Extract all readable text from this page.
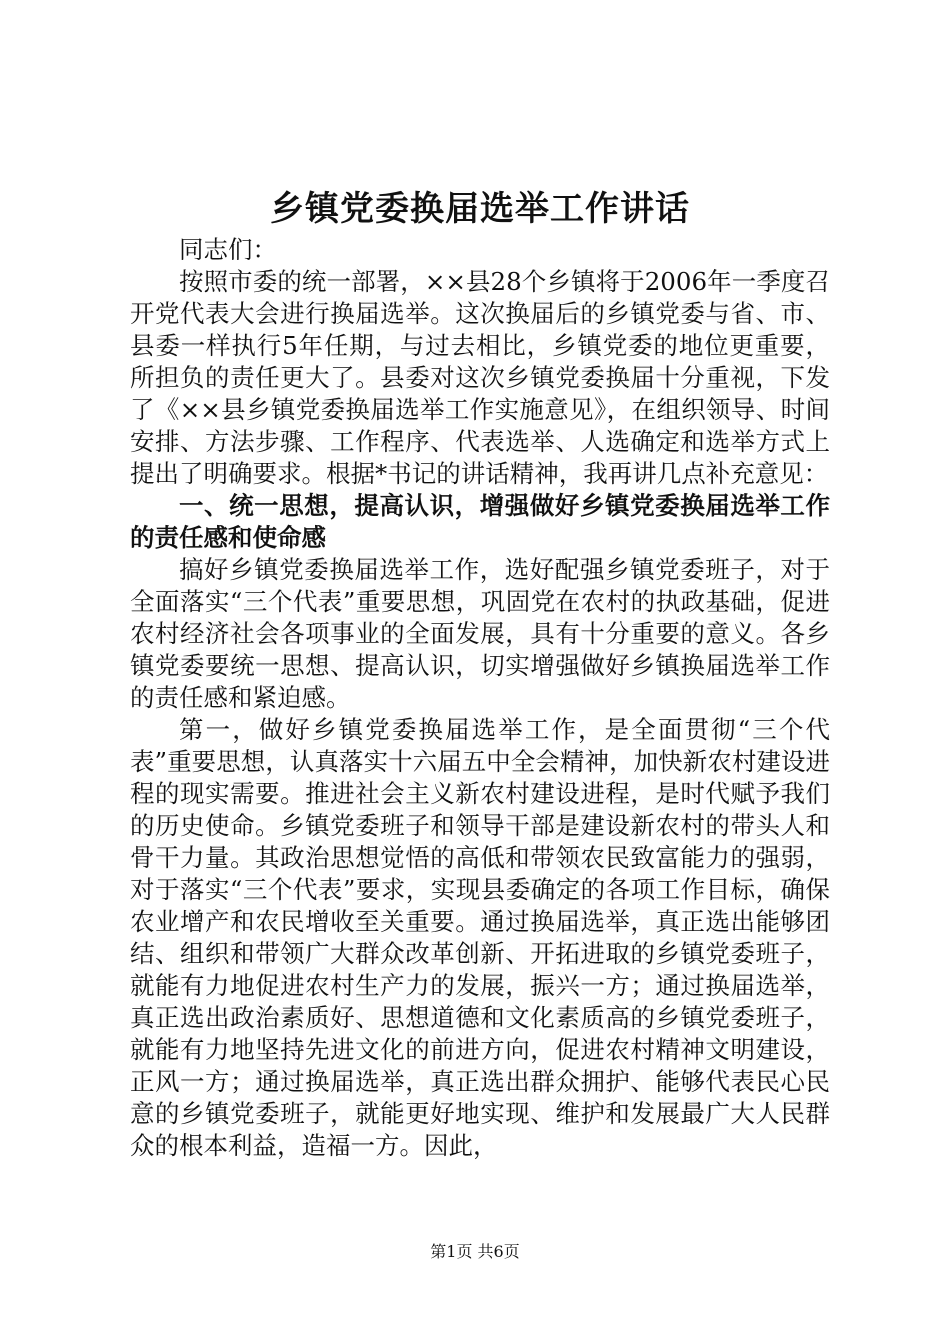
乡镇党委换届选举工作讲话

同志们：

按照市委的统一部署，××县28个乡镇将于2006年一季度召开党代表大会进行换届选举。这次换届后的乡镇党委与省、市、县委一样执行5年任期，与过去相比，乡镇党委的地位更重要，所担负的责任更大了。县委对这次乡镇党委换届十分重视，下发了《××县乡镇党委换届选举工作实施意见》，在组织领导、时间安排、方法步骤、工作程序、代表选举、人选确定和选举方式上提出了明确要求。根据*书记的讲话精神，我再讲几点补充意见：

一、统一思想，提高认识，增强做好乡镇党委换届选举工作的责任感和使命感

搞好乡镇党委换届选举工作，选好配强乡镇党委班子，对于全面落实“三个代表”重要思想，巩固党在农村的执政基础，促进农村经济社会各项事业的全面发展，具有十分重要的意义。各乡镇党委要统一思想、提高认识，切实增强做好乡镇换届选举工作的责任感和紧迫感。

第一，做好乡镇党委换届选举工作，是全面贯彻“三个代表”重要思想，认真落实十六届五中全会精神，加快新农村建设进程的现实需要。推进社会主义新农村建设进程，是时代赋予我们的历史使命。乡镇党委班子和领导干部是建设新农村的带头人和骨干力量。其政治思想觉悟的高低和带领农民致富能力的强弱，对于落实“三个代表”要求，实现县委确定的各项工作目标，确保农业增产和农民增收至关重要。通过换届选举，真正选出能够团结、组织和带领广大群众改革创新、开拓进取的乡镇党委班子，就能有力地促进农村生产力的发展，振兴一方；通过换届选举，真正选出政治素质好、思想道德和文化素质高的乡镇党委班子，就能有力地坚持先进文化的前进方向，促进农村精神文明建设，正风一方；通过换届选举，真正选出群众拥护、能够代表民心民意的乡镇党委班子，就能更好地实现、维护和发展最广大人民群众的根本利益，造福一方。因此，

第1页 共6页
